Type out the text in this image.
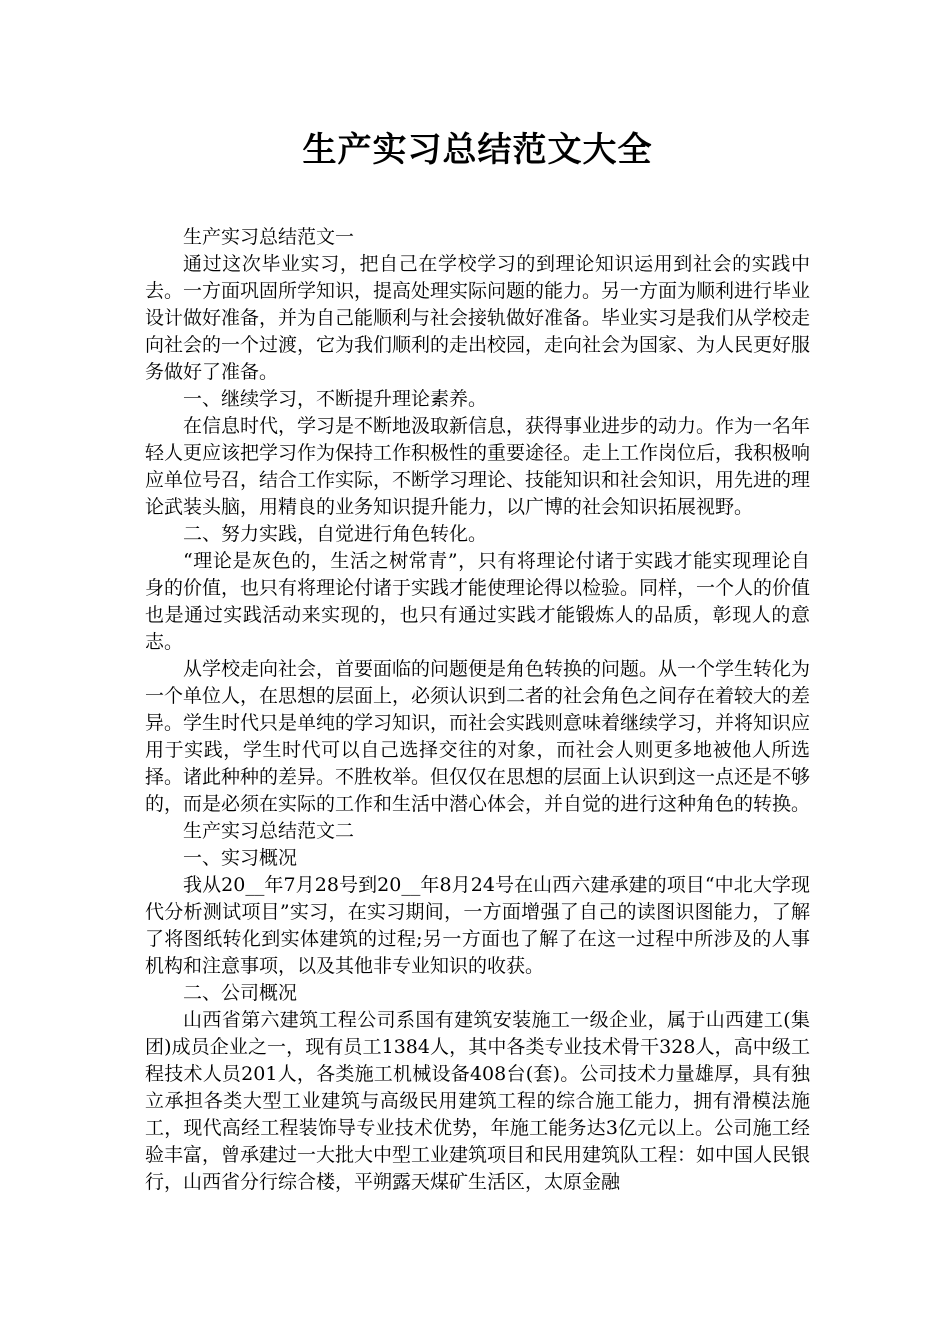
生产实习总结范文大全

生产实习总结范文一

通过这次毕业实习，把自己在学校学习的到理论知识运用到社会的实践中去。一方面巩固所学知识，提高处理实际问题的能力。另一方面为顺利进行毕业设计做好准备，并为自己能顺利与社会接轨做好准备。毕业实习是我们从学校走向社会的一个过渡，它为我们顺利的走出校园，走向社会为国家、为人民更好服务做好了准备。

一、继续学习，不断提升理论素养。

在信息时代，学习是不断地汲取新信息，获得事业进步的动力。作为一名年轻人更应该把学习作为保持工作积极性的重要途径。走上工作岗位后，我积极响应单位号召，结合工作实际，不断学习理论、技能知识和社会知识，用先进的理论武装头脑，用精良的业务知识提升能力，以广博的社会知识拓展视野。

二、努力实践，自觉进行角色转化。

“理论是灰色的，生活之树常青”，只有将理论付诸于实践才能实现理论自身的价值，也只有将理论付诸于实践才能使理论得以检验。同样，一个人的价值也是通过实践活动来实现的，也只有通过实践才能锻炼人的品质，彰现人的意志。

从学校走向社会，首要面临的问题便是角色转换的问题。从一个学生转化为一个单位人，在思想的层面上，必须认识到二者的社会角色之间存在着较大的差异。学生时代只是单纯的学习知识，而社会实践则意味着继续学习，并将知识应用于实践，学生时代可以自己选择交往的对象，而社会人则更多地被他人所选择。诸此种种的差异。不胜枚举。但仅仅在思想的层面上认识到这一点还是不够的，而是必须在实际的工作和生活中潜心体会，并自觉的进行这种角色的转换。

生产实习总结范文二

一、实习概况

我从20__年7月28号到20__年8月24号在山西六建承建的项目“中北大学现代分析测试项目”实习，在实习期间，一方面增强了自己的读图识图能力，了解了将图纸转化到实体建筑的过程;另一方面也了解了在这一过程中所涉及的人事机构和注意事项，以及其他非专业知识的收获。

二、公司概况

山西省第六建筑工程公司系国有建筑安装施工一级企业，属于山西建工(集团)成员企业之一，现有员工1384人，其中各类专业技术骨干328人，高中级工程技术人员201人，各类施工机械设备408台(套)。公司技术力量雄厚，具有独立承担各类大型工业建筑与高级民用建筑工程的综合施工能力，拥有滑模法施工，现代高经工程装饰导专业技术优势，年施工能务达3亿元以上。公司施工经验丰富，曾承建过一大批大中型工业建筑项目和民用建筑队工程：如中国人民银行，山西省分行综合楼，平朔露天煤矿生活区，太原金融
